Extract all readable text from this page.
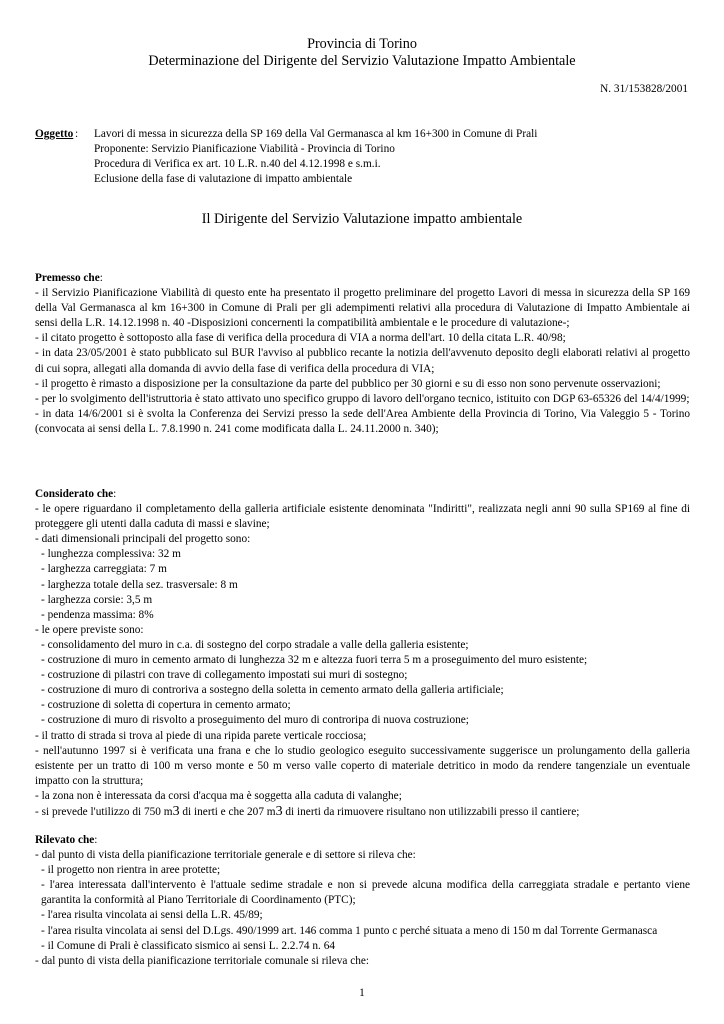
Provincia di Torino
Determinazione del Dirigente del Servizio Valutazione Impatto Ambientale
N. 31/153828/2001
Oggetto : Lavori di messa in sicurezza della SP 169 della Val Germanasca al km 16+300 in Comune di Prali
Proponente: Servizio Pianificazione Viabilità - Provincia di Torino
Procedura di Verifica ex art. 10 L.R. n.40 del 4.12.1998 e s.m.i.
Eclusione della fase di valutazione di impatto ambientale
Il Dirigente del Servizio Valutazione impatto ambientale

Premesso che:

- il Servizio Pianificazione Viabilità di questo ente ha presentato il progetto preliminare del progetto Lavori di messa in sicurezza della SP 169 della Val Germanasca al km 16+300 in Comune di Prali per gli adempimenti relativi alla procedura di Valutazione di Impatto Ambientale ai sensi della L.R. 14.12.1998 n. 40 -Disposizioni concernenti la compatibilità ambientale e le procedure di valutazione-;

- il citato progetto è sottoposto alla fase di verifica della procedura di VIA a norma dell'art. 10 della citata L.R. 40/98;

- in data 23/05/2001 è stato pubblicato sul BUR l'avviso al pubblico recante la notizia dell'avvenuto deposito degli elaborati relativi al progetto di cui sopra, allegati alla domanda di avvio della fase di verifica della procedura di VIA;

- il progetto è rimasto a disposizione per la consultazione da parte del pubblico per 30 giorni e su di esso non sono pervenute osservazioni;

- per lo svolgimento dell'istruttoria è stato attivato uno specifico gruppo di lavoro dell'organo tecnico, istituito con DGP 63-65326 del 14/4/1999;

- in data 14/6/2001 si è svolta la Conferenza dei Servizi presso la sede dell'Area Ambiente della Provincia di Torino, Via Valeggio 5 - Torino (convocata ai sensi della L. 7.8.1990 n. 241 come modificata dalla L. 24.11.2000 n. 340);

Considerato che:

- le opere riguardano il completamento della galleria artificiale esistente denominata "Indiritti", realizzata negli anni 90 sulla SP169 al fine di proteggere gli utenti dalla caduta di massi e slavine;

- dati dimensionali principali del progetto sono:

- lunghezza complessiva: 32 m

- larghezza carreggiata: 7 m

- larghezza totale della sez. trasversale: 8 m

- larghezza corsie: 3,5 m

- pendenza massima: 8%

- le opere previste sono:

- consolidamento del muro in c.a. di sostegno del corpo stradale a valle della galleria esistente;

- costruzione di muro in cemento armato di lunghezza 32 m e altezza fuori terra 5 m a proseguimento del muro esistente;

- costruzione di pilastri con trave di collegamento impostati sui muri di sostegno;

- costruzione di muro di controriva a sostegno della soletta in cemento armato della galleria artificiale;

- costruzione di soletta di copertura in cemento armato;

- costruzione di muro di risvolto a proseguimento del muro di controripa di nuova costruzione;

- il tratto di strada si trova al piede di una ripida parete verticale rocciosa;

- nell'autunno 1997 si è verificata una frana e che lo studio geologico eseguito successivamente suggerisce un prolungamento della galleria esistente per un tratto di 100 m verso monte e 50 m verso valle coperto di materiale detritico in modo da rendere tangenziale un eventuale impatto con la struttura;

- la zona non è interessata da corsi d'acqua ma è soggetta alla caduta di valanghe;

- si prevede l'utilizzo di 750 m3 di inerti e che 207 m3 di inerti da rimuovere risultano non utilizzabili presso il cantiere;

Rilevato che:

- dal punto di vista della pianificazione territoriale generale e di settore si rileva che:

- il progetto non rientra in aree protette;

- l'area interessata dall'intervento è l'attuale sedime stradale e non si prevede alcuna modifica della carreggiata stradale e pertanto viene garantita la conformità al Piano Territoriale di Coordinamento (PTC);

- l'area risulta vincolata ai sensi della L.R. 45/89;

- l'area risulta vincolata ai sensi del D.Lgs. 490/1999 art. 146 comma 1 punto c perché situata a meno di 150 m dal Torrente Germanasca

- il Comune di Prali è classificato sismico ai sensi L. 2.2.74 n. 64

- dal punto di vista della pianificazione territoriale comunale si rileva che:

1
